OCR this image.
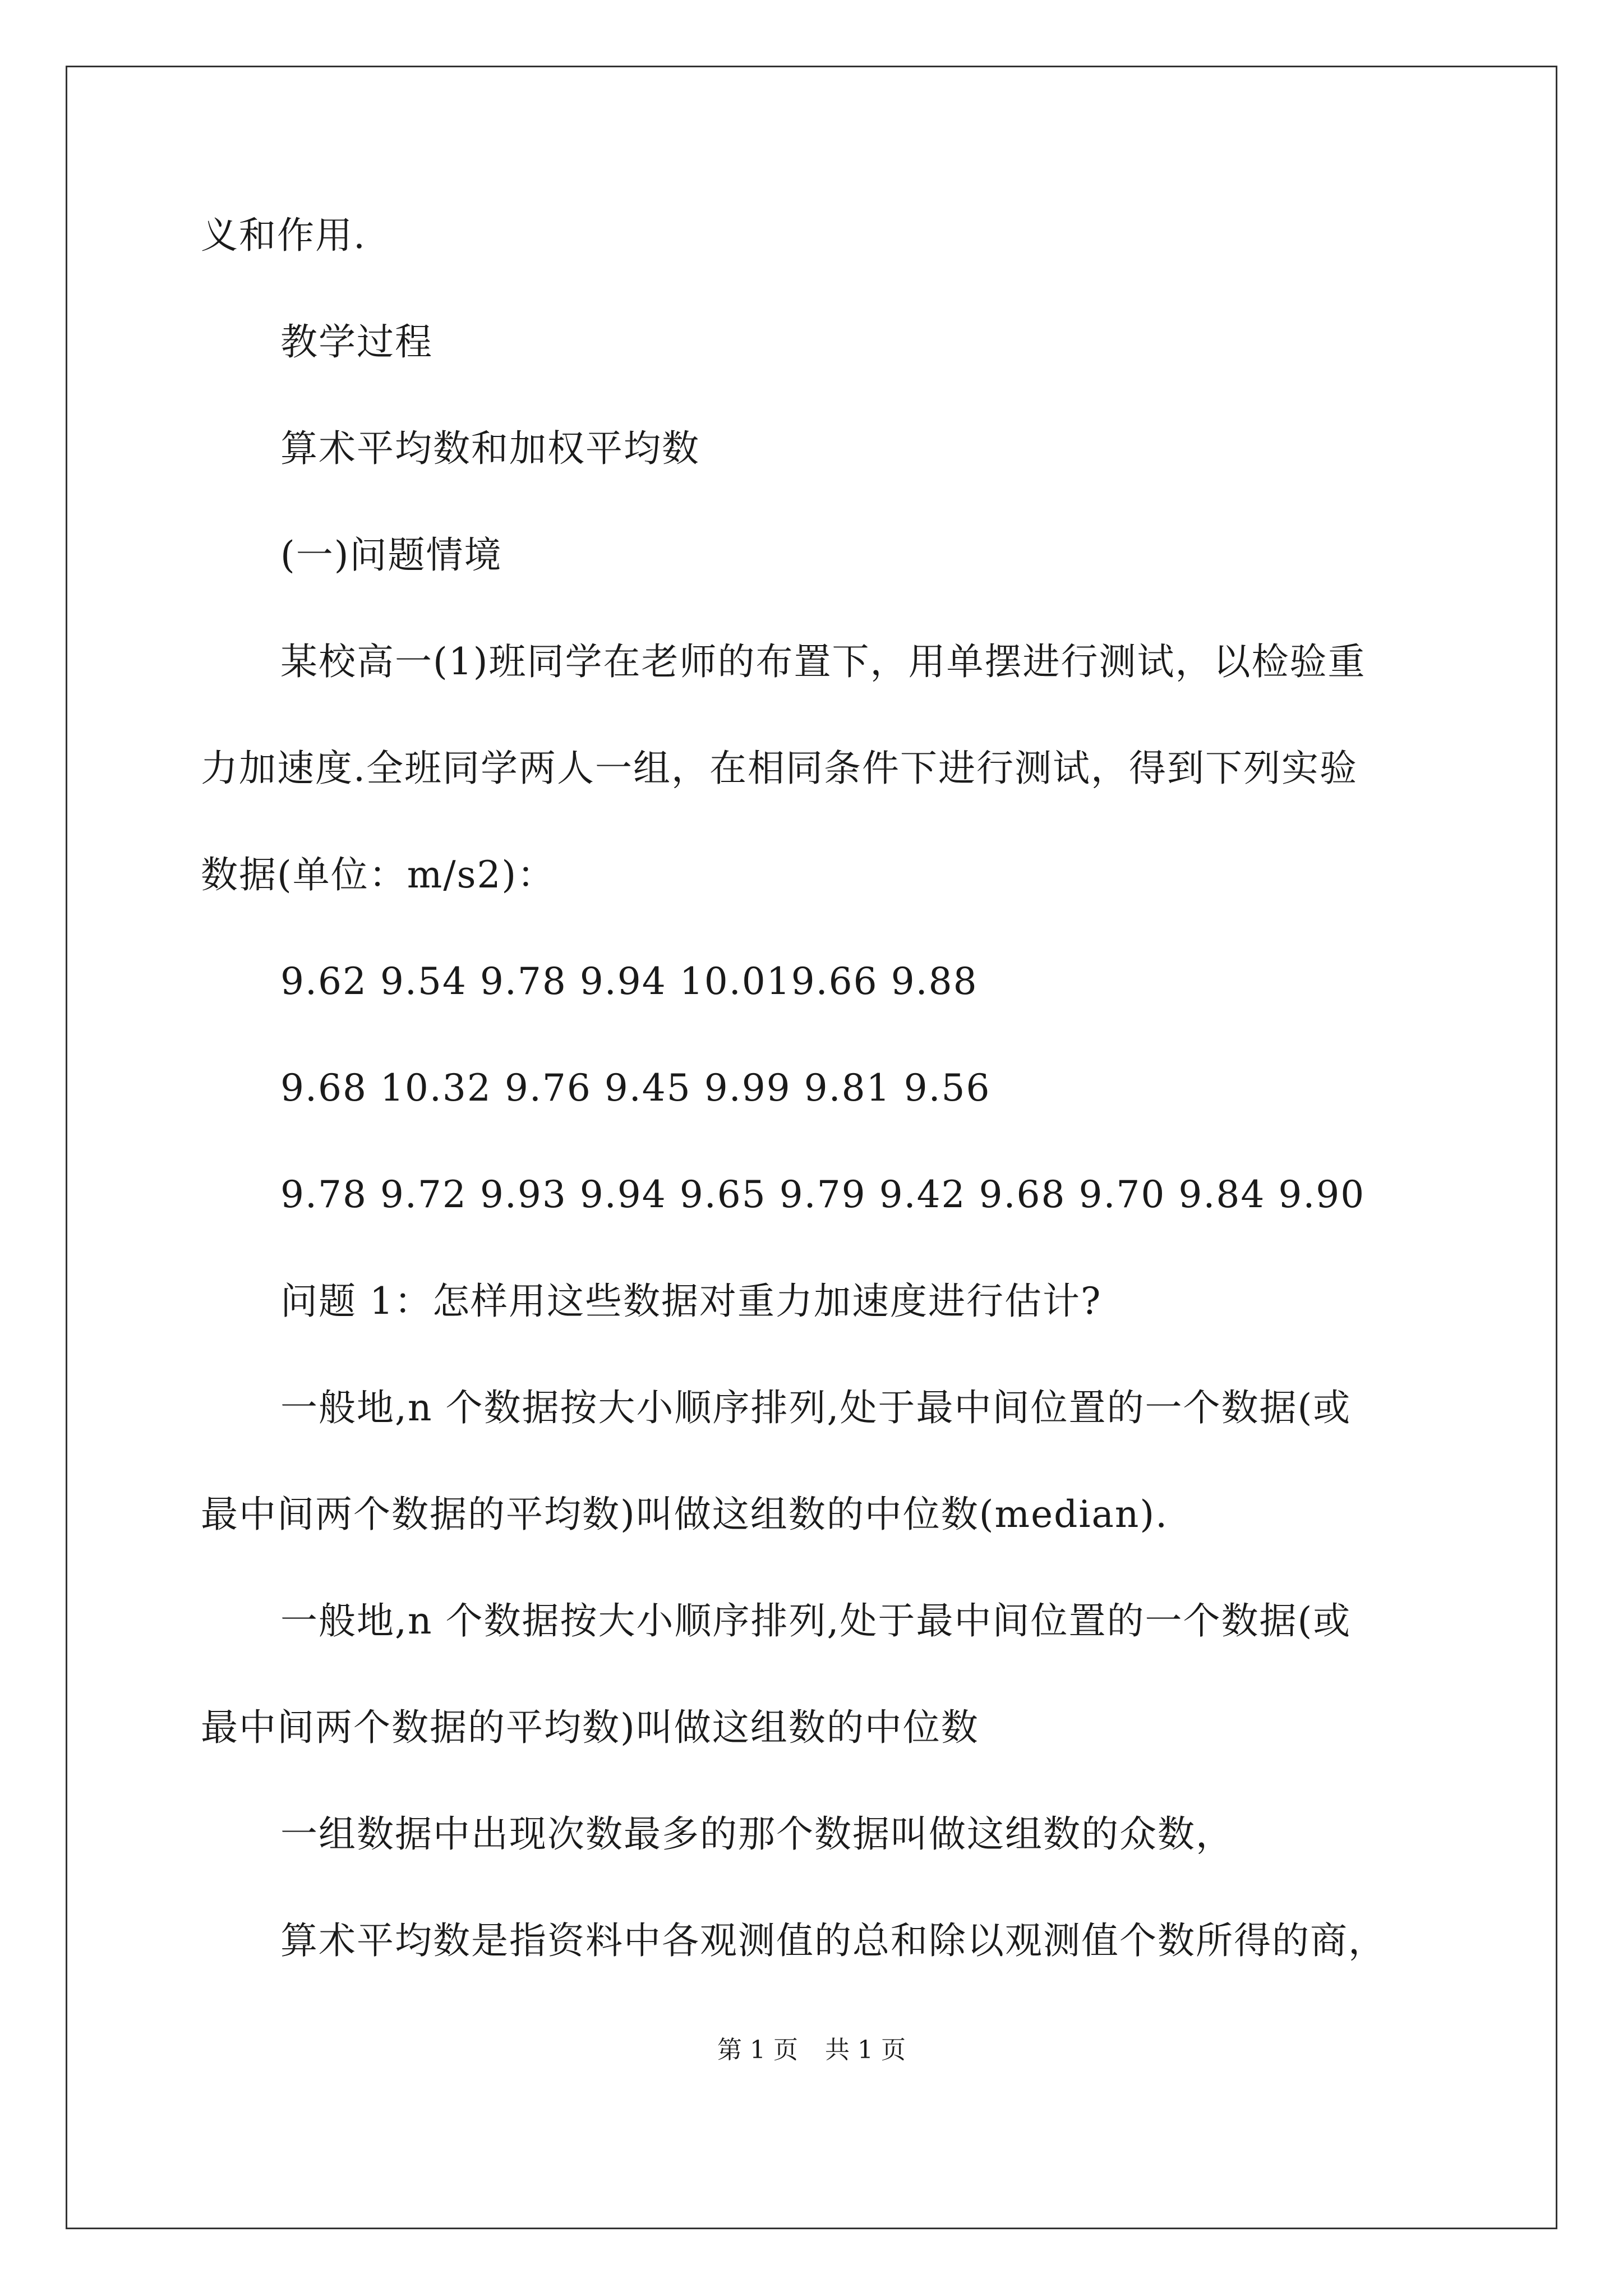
义和作用.
教学过程
算术平均数和加权平均数
(一)问题情境
某校高一(1)班同学在老师的布置下，用单摆进行测试，以检验重
力加速度.全班同学两人一组，在相同条件下进行测试，得到下列实验
数据(单位：m/s2)：
9.62 9.54 9.78 9.94 10.019.66 9.88
9.68 10.32 9.76 9.45 9.99 9.81 9.56
9.78 9.72 9.93 9.94 9.65 9.79 9.42 9.68 9.70 9.84 9.90
问题 1：怎样用这些数据对重力加速度进行估计?
一般地,n 个数据按大小顺序排列,处于最中间位置的一个数据(或
最中间两个数据的平均数)叫做这组数的中位数(median).
一般地,n 个数据按大小顺序排列,处于最中间位置的一个数据(或
最中间两个数据的平均数)叫做这组数的中位数
一组数据中出现次数最多的那个数据叫做这组数的众数，
算术平均数是指资料中各观测值的总和除以观测值个数所得的商，
第 1 页 共 1 页
